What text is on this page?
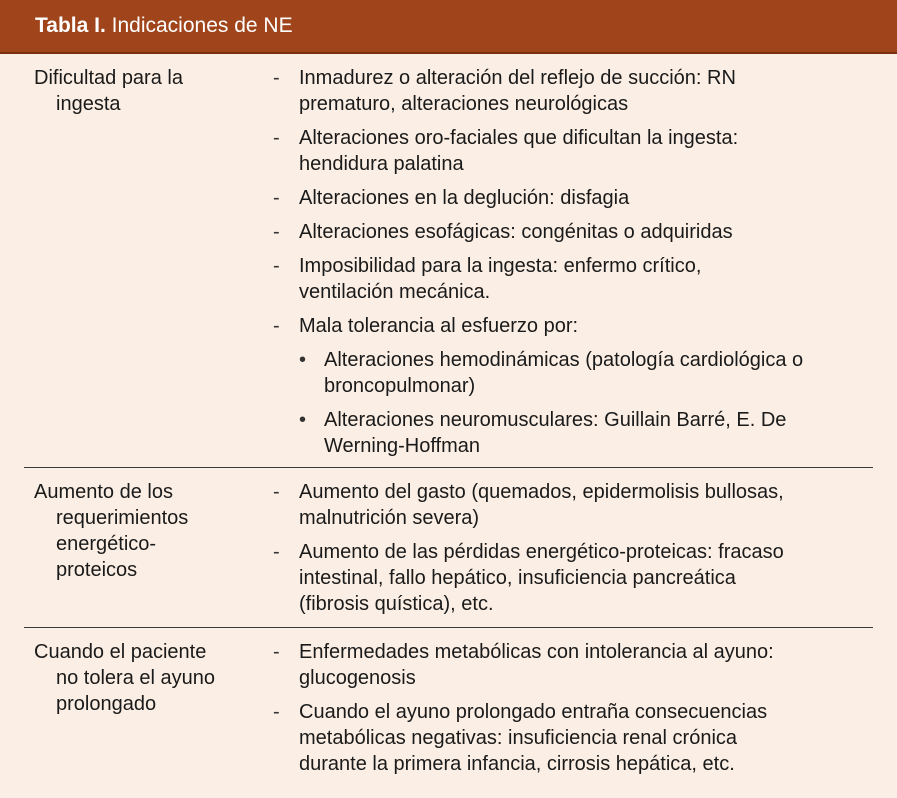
Tabla I. Indicaciones de NE
Dificultad para la
ingesta
- Inmadurez o alteración del reflejo de succión: RN
prematuro, alteraciones neurológicas
- Alteraciones oro-faciales que dificultan la ingesta:
hendidura palatina
- Alteraciones en la deglución: disfagia
- Alteraciones esofágicas: congénitas o adquiridas
- Imposibilidad para la ingesta: enfermo crítico,
ventilación mecánica.
- Mala tolerancia al esfuerzo por:
• Alteraciones hemodinámicas (patología cardiológica o
broncopulmonar)
• Alteraciones neuromusculares: Guillain Barré, E. De
Werning-Hoffman
Aumento de los
requerimientos
energético-
proteicos
- Aumento del gasto (quemados, epidermolisis bullosas,
malnutrición severa)
- Aumento de las pérdidas energético-proteicas: fracaso
intestinal, fallo hepático, insuficiencia pancreática
(fibrosis quística), etc.
Cuando el paciente
no tolera el ayuno
prolongado
- Enfermedades metabólicas con intolerancia al ayuno:
glucogenosis
- Cuando el ayuno prolongado entraña consecuencias
metabólicas negativas: insuficiencia renal crónica
durante la primera infancia, cirrosis hepática, etc.
